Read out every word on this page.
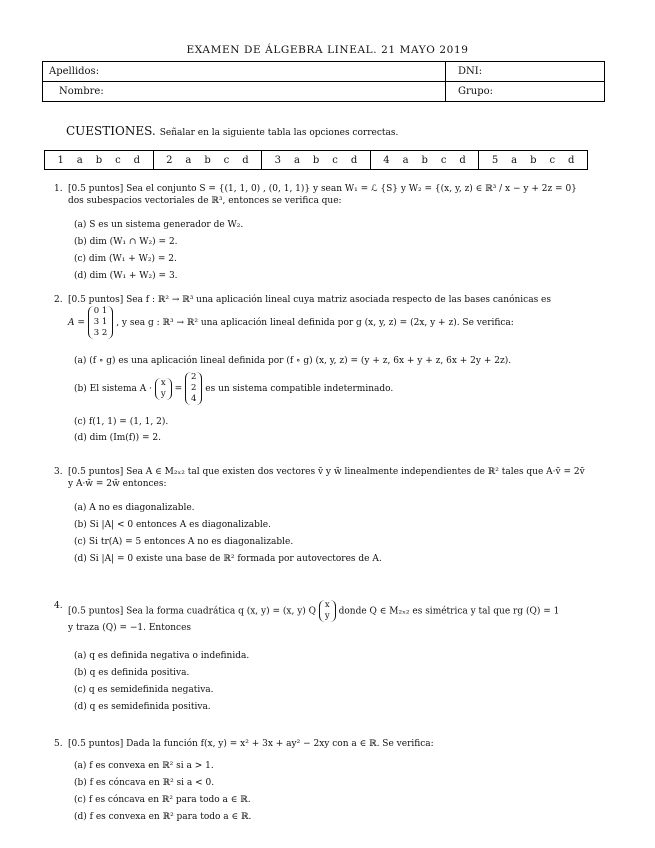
EXAMEN DE ÁLGEBRA LINEAL. 21 MAYO 2019
Apellidos:	DNI:
Nombre:	Grupo:
CUESTIONES. Señalar en la siguiente tabla las opciones correctas.
1 a b c d	2 a b c d	3 a b c d	4 a b c d	5 a b c d
1. [0.5 puntos] Sea el conjunto S = {(1, 1, 0) , (0, 1, 1)} y sean W₁ = ℒ {S} y W₂ = {(x, y, z) ∈ ℝ³ / x − y + 2z = 0}
dos subespacios vectoriales de ℝ³, entonces se verifica que:
(a) S es un sistema generador de W₂.
(b) dim (W₁ ∩ W₂) = 2.
(c) dim (W₁ + W₂) = 2.
(d) dim (W₁ + W₂) = 3.
2. [0.5 puntos] Sea f : ℝ² → ℝ³ una aplicación lineal cuya matriz asociada respecto de las bases canónicas es
A =
0 1
3 1
3 2
, y sea g : ℝ³ → ℝ² una aplicación lineal definida por g (x, y, z) = (2x, y + z). Se verifica:
(a) (f ∘ g) es una aplicación lineal definida por (f ∘ g) (x, y, z) = (y + z, 6x + y + z, 6x + 2y + 2z).
(b) El sistema A ·
x
y =
2
2
4
es un sistema compatible indeterminado.
(c) f(1, 1) = (1, 1, 2).
(d) dim (Im(f)) = 2.
3. [0.5 puntos] Sea A ∈ M₂ₓ₂ tal que existen dos vectores v̄ y w̄ linealmente independientes de ℝ² tales que A·v̄ = 2v̄
y A·w̄ = 2w̄ entonces:
(a) A no es diagonalizable.
(b) Si |A| < 0 entonces A es diagonalizable.
(c) Si tr(A) = 5 entonces A no es diagonalizable.
(d) Si |A| = 0 existe una base de ℝ² formada por autovectores de A.
4.
[0.5 puntos] Sea la forma cuadrática q (x, y) = (x, y) Q
x
y donde Q ∈ M₂ₓ₂ es simétrica y tal que rg (Q) = 1
y traza (Q) = −1. Entonces
(a) q es definida negativa o indefinida.
(b) q es definida positiva.
(c) q es semidefinida negativa.
(d) q es semidefinida positiva.
5. [0.5 puntos] Dada la función f(x, y) = x² + 3x + ay² − 2xy con a ∈ ℝ. Se verifica:
(a) f es convexa en ℝ² si a > 1.
(b) f es cóncava en ℝ² si a < 0.
(c) f es cóncava en ℝ² para todo a ∈ ℝ.
(d) f es convexa en ℝ² para todo a ∈ ℝ.
